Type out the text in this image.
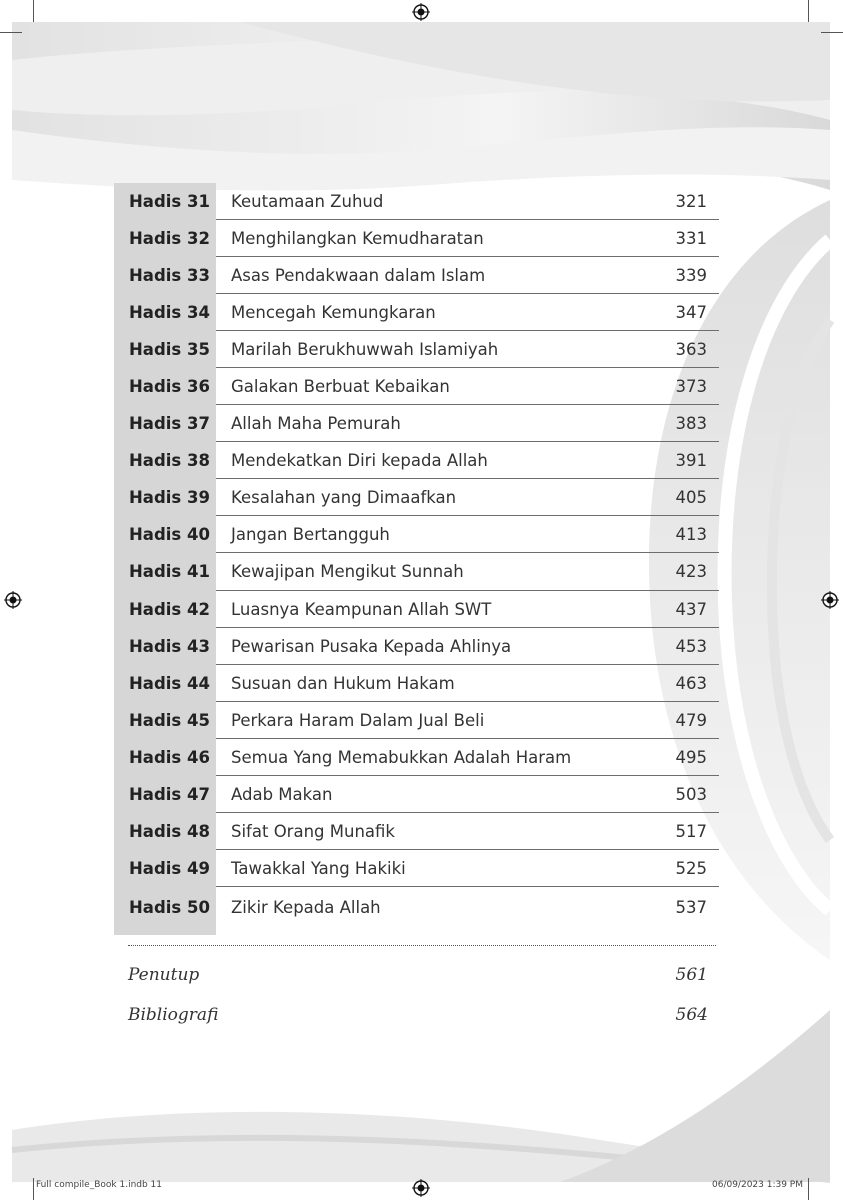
Hadis 31 Keutamaan Zuhud	321
Hadis 32 Menghilangkan Kemudharatan	331
Hadis 33 Asas Pendakwaan dalam Islam	339
Hadis 34 Mencegah Kemungkaran	347
Hadis 35 Marilah Berukhuwwah Islamiyah	363
Hadis 36 Galakan Berbuat Kebaikan	373
Hadis 37 Allah Maha Pemurah	383
Hadis 38 Mendekatkan Diri kepada Allah	391
Hadis 39 Kesalahan yang Dimaafkan	405
Hadis 40 Jangan Bertangguh	413
Hadis 41 Kewajipan Mengikut Sunnah	423
Hadis 42 Luasnya Keampunan Allah SWT	437
Hadis 43 Pewarisan Pusaka Kepada Ahlinya	453
Hadis 44 Susuan dan Hukum Hakam	463
Hadis 45 Perkara Haram Dalam Jual Beli	479
Hadis 46 Semua Yang Memabukkan Adalah Haram	495
Hadis 47 Adab Makan	503
Hadis 48 Sifat Orang Munafik	517
Hadis 49 Tawakkal Yang Hakiki	525
Hadis 50 Zikir Kepada Allah	537
Penutup	561
Bibliografi	564
Full compile_Book 1.indb 11	06/09/2023 1:39 PM
